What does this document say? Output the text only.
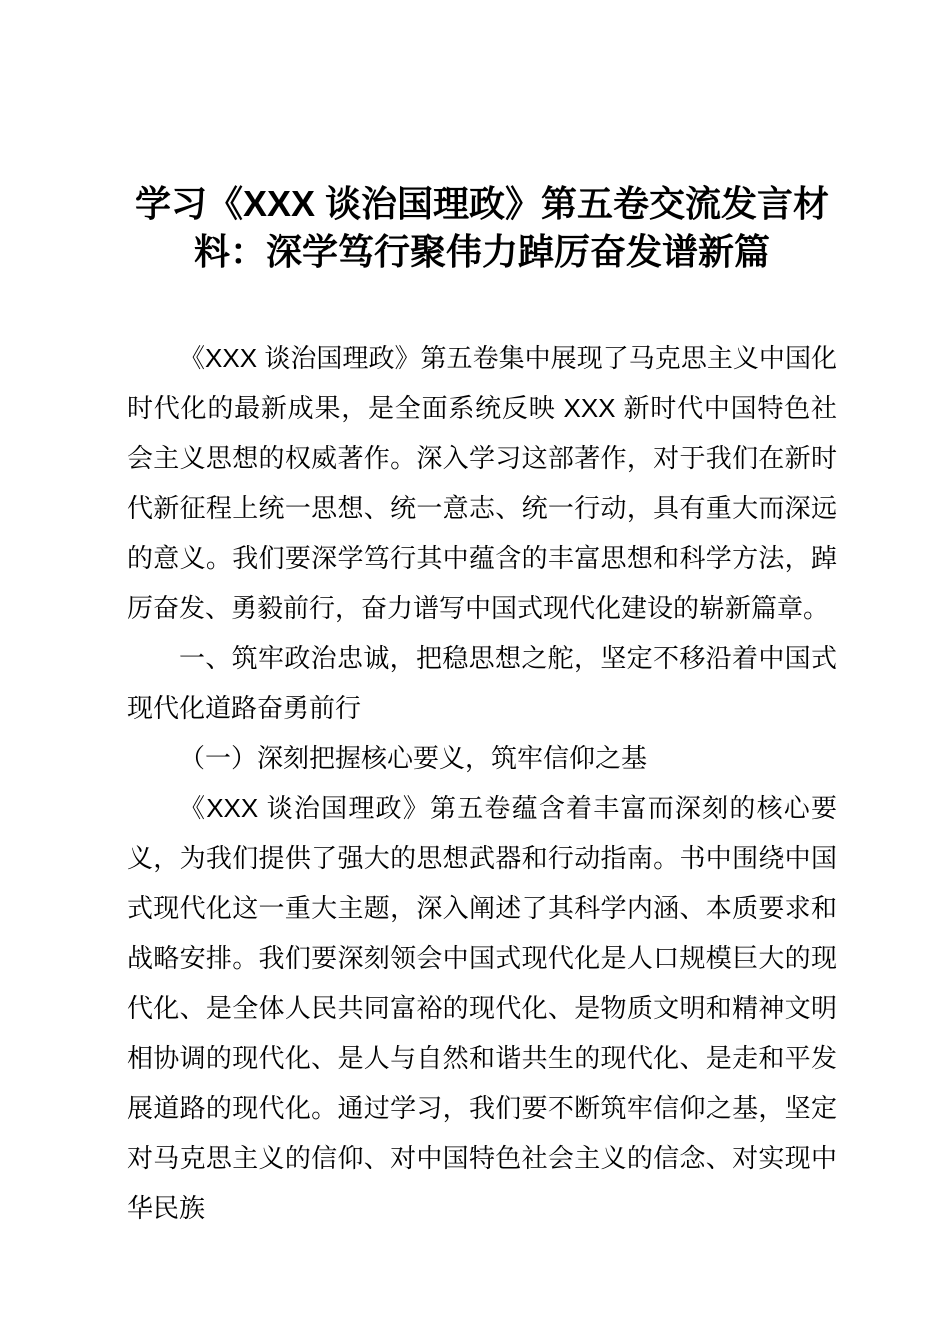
学习《XXX 谈治国理政》第五卷交流发言材
料：深学笃行聚伟力踔厉奋发谱新篇

《XXX 谈治国理政》第五卷集中展现了马克思主义中国化时代化的最新成果，是全面系统反映 XXX 新时代中国特色社会主义思想的权威著作。深入学习这部著作，对于我们在新时代新征程上统一思想、统一意志、统一行动，具有重大而深远的意义。我们要深学笃行其中蕴含的丰富思想和科学方法，踔厉奋发、勇毅前行，奋力谱写中国式现代化建设的崭新篇章。

一、筑牢政治忠诚，把稳思想之舵，坚定不移沿着中国式现代化道路奋勇前行

（一）深刻把握核心要义，筑牢信仰之基

《XXX 谈治国理政》第五卷蕴含着丰富而深刻的核心要义，为我们提供了强大的思想武器和行动指南。书中围绕中国式现代化这一重大主题，深入阐述了其科学内涵、本质要求和战略安排。我们要深刻领会中国式现代化是人口规模巨大的现代化、是全体人民共同富裕的现代化、是物质文明和精神文明相协调的现代化、是人与自然和谐共生的现代化、是走和平发展道路的现代化。通过学习，我们要不断筑牢信仰之基，坚定对马克思主义的信仰、对中国特色社会主义的信念、对实现中华民族
